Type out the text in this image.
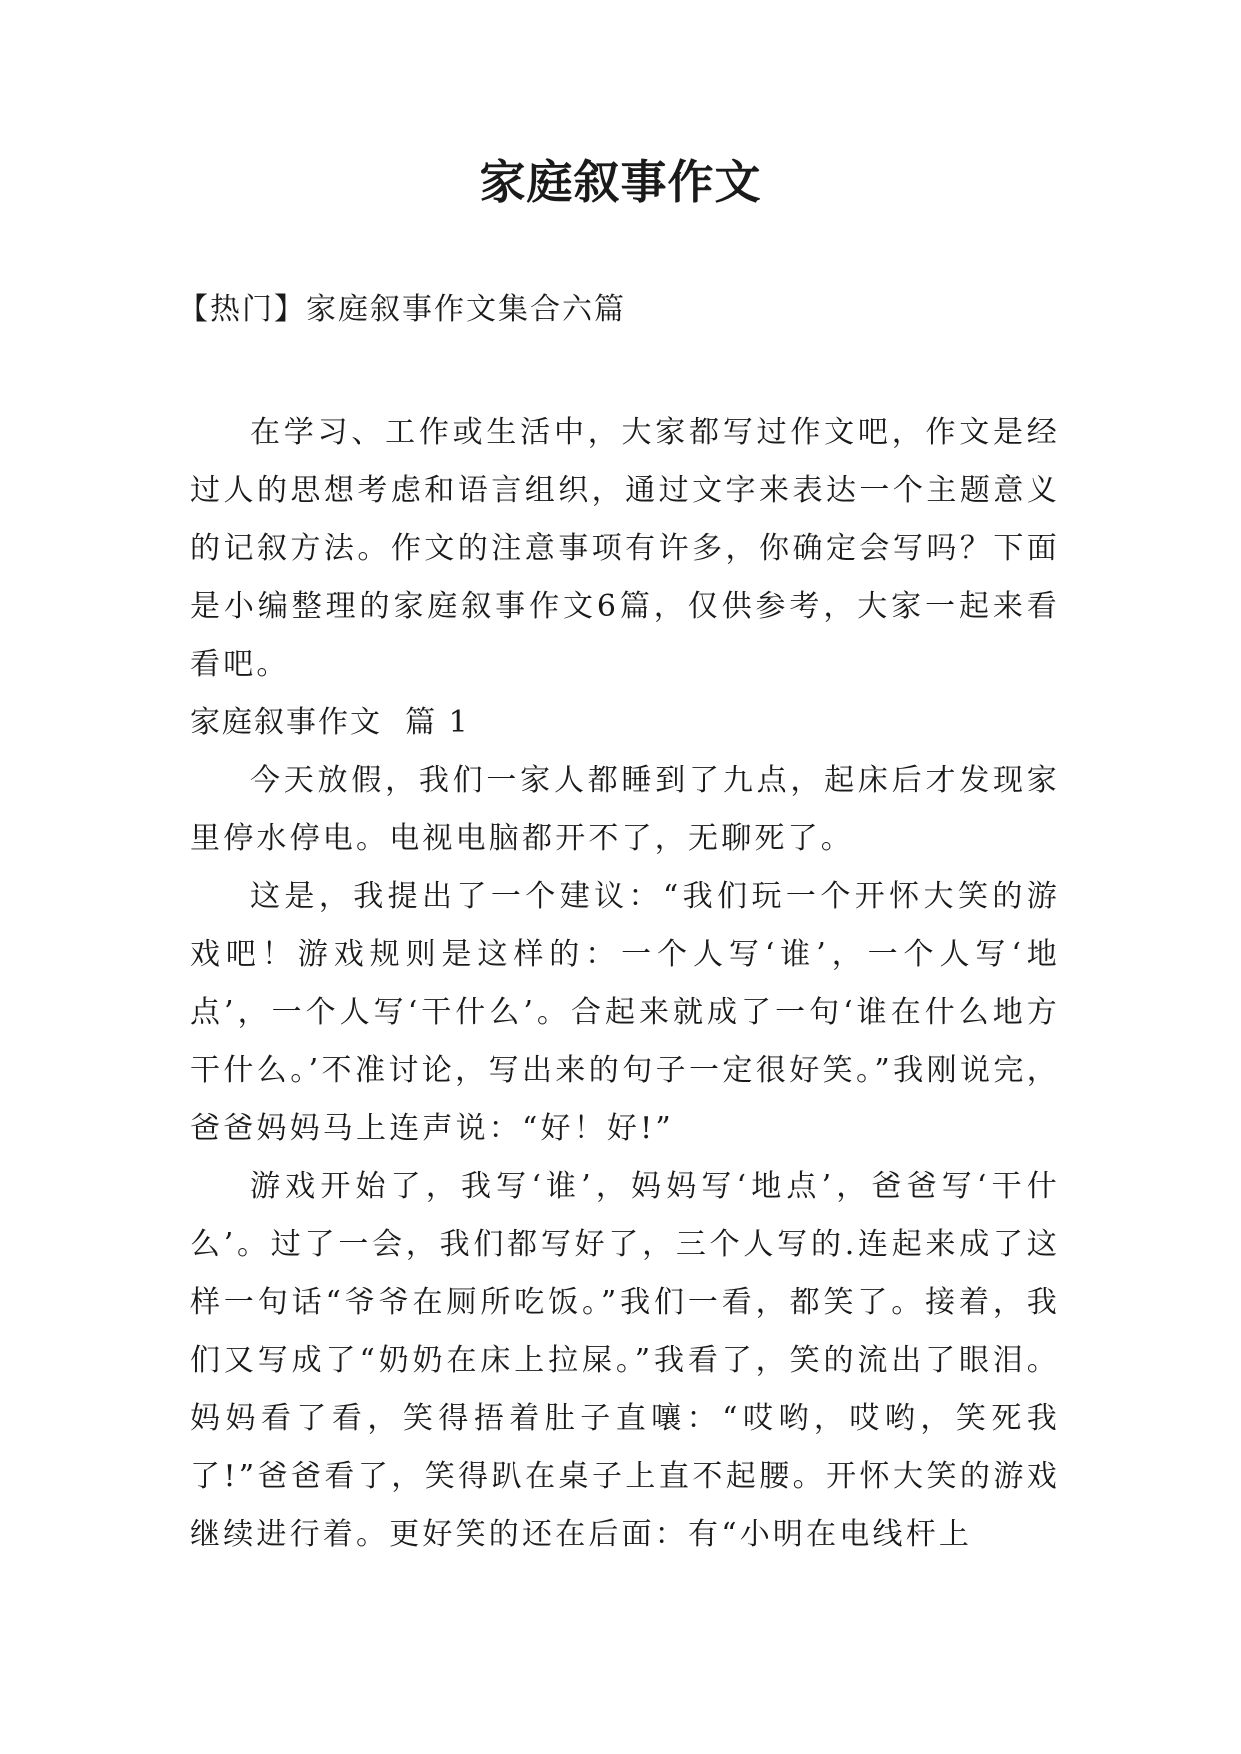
家庭叙事作文
【热门】家庭叙事作文集合六篇

在学习、工作或生活中，大家都写过作文吧，作文是经过人的思想考虑和语言组织，通过文字来表达一个主题意义的记叙方法。作文的注意事项有许多，你确定会写吗？下面是小编整理的家庭叙事作文6篇，仅供参考，大家一起来看看吧。

家庭叙事作文  篇 1

今天放假，我们一家人都睡到了九点，起床后才发现家里停水停电。电视电脑都开不了，无聊死了。

这是，我提出了一个建议：“我们玩一个开怀大笑的游戏吧！游戏规则是这样的：一个人写‘谁’，一个人写‘地点’，一个人写‘干什么’。合起来就成了一句‘谁在什么地方干什么。’不准讨论，写出来的句子一定很好笑。”我刚说完，爸爸妈妈马上连声说：“好！好!”

游戏开始了，我写‘谁’，妈妈写‘地点’，爸爸写‘干什么’。过了一会，我们都写好了，三个人写的.连起来成了这样一句话“爷爷在厕所吃饭。”我们一看，都笑了。接着，我们又写成了“奶奶在床上拉屎。”我看了，笑的流出了眼泪。妈妈看了看，笑得捂着肚子直嚷：“哎哟，哎哟，笑死我了!”爸爸看了，笑得趴在桌子上直不起腰。开怀大笑的游戏继续进行着。更好笑的还在后面：有“小明在电线杆上
